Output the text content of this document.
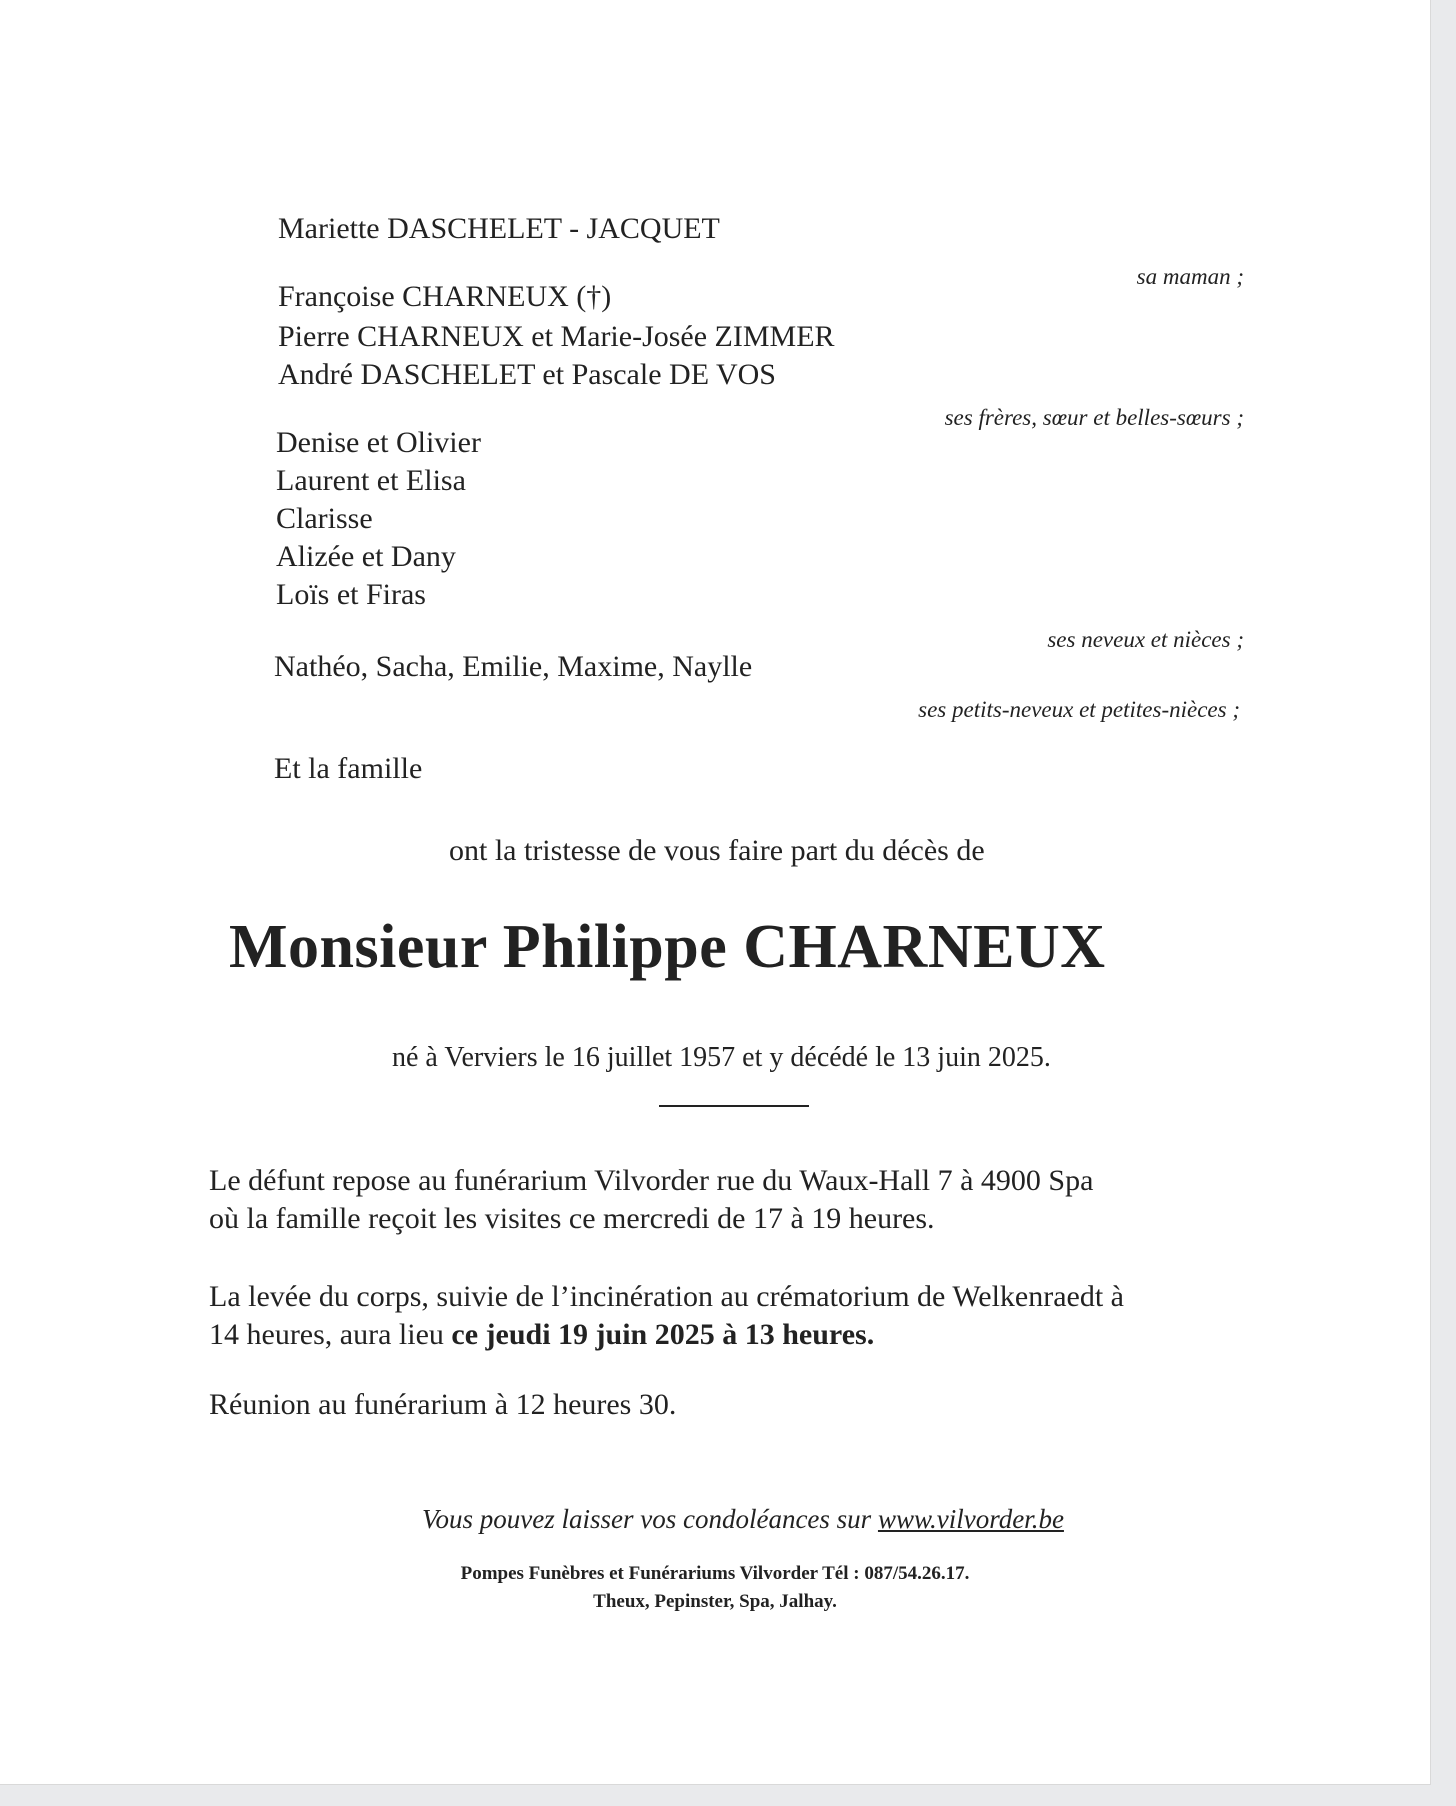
Mariette DASCHELET - JACQUET
sa maman ;
Françoise CHARNEUX (†)
Pierre CHARNEUX et Marie-Josée ZIMMER
André DASCHELET et Pascale DE VOS
ses frères, sœur et belles-sœurs ;
Denise et Olivier
Laurent et Elisa
Clarisse
Alizée et Dany
Loïs et Firas
ses neveux et nièces ;
Nathéo, Sacha, Emilie, Maxime, Naylle
ses petits-neveux et petites-nièces ;
Et la famille
ont la tristesse de vous faire part du décès de
Monsieur Philippe CHARNEUX
né à Verviers le 16 juillet 1957 et y décédé le 13 juin 2025.
Le défunt repose au funérarium Vilvorder rue du Waux-Hall 7 à 4900 Spa
où la famille reçoit les visites ce mercredi de 17 à 19 heures.
La levée du corps, suivie de l’incinération au crématorium de Welkenraedt à
14 heures, aura lieu ce jeudi 19 juin 2025 à 13 heures.
Réunion au funérarium à 12 heures 30.
Vous pouvez laisser vos condoléances sur www.vilvorder.be
Pompes Funèbres et Funérariums Vilvorder Tél : 087/54.26.17.
Theux, Pepinster, Spa, Jalhay.
